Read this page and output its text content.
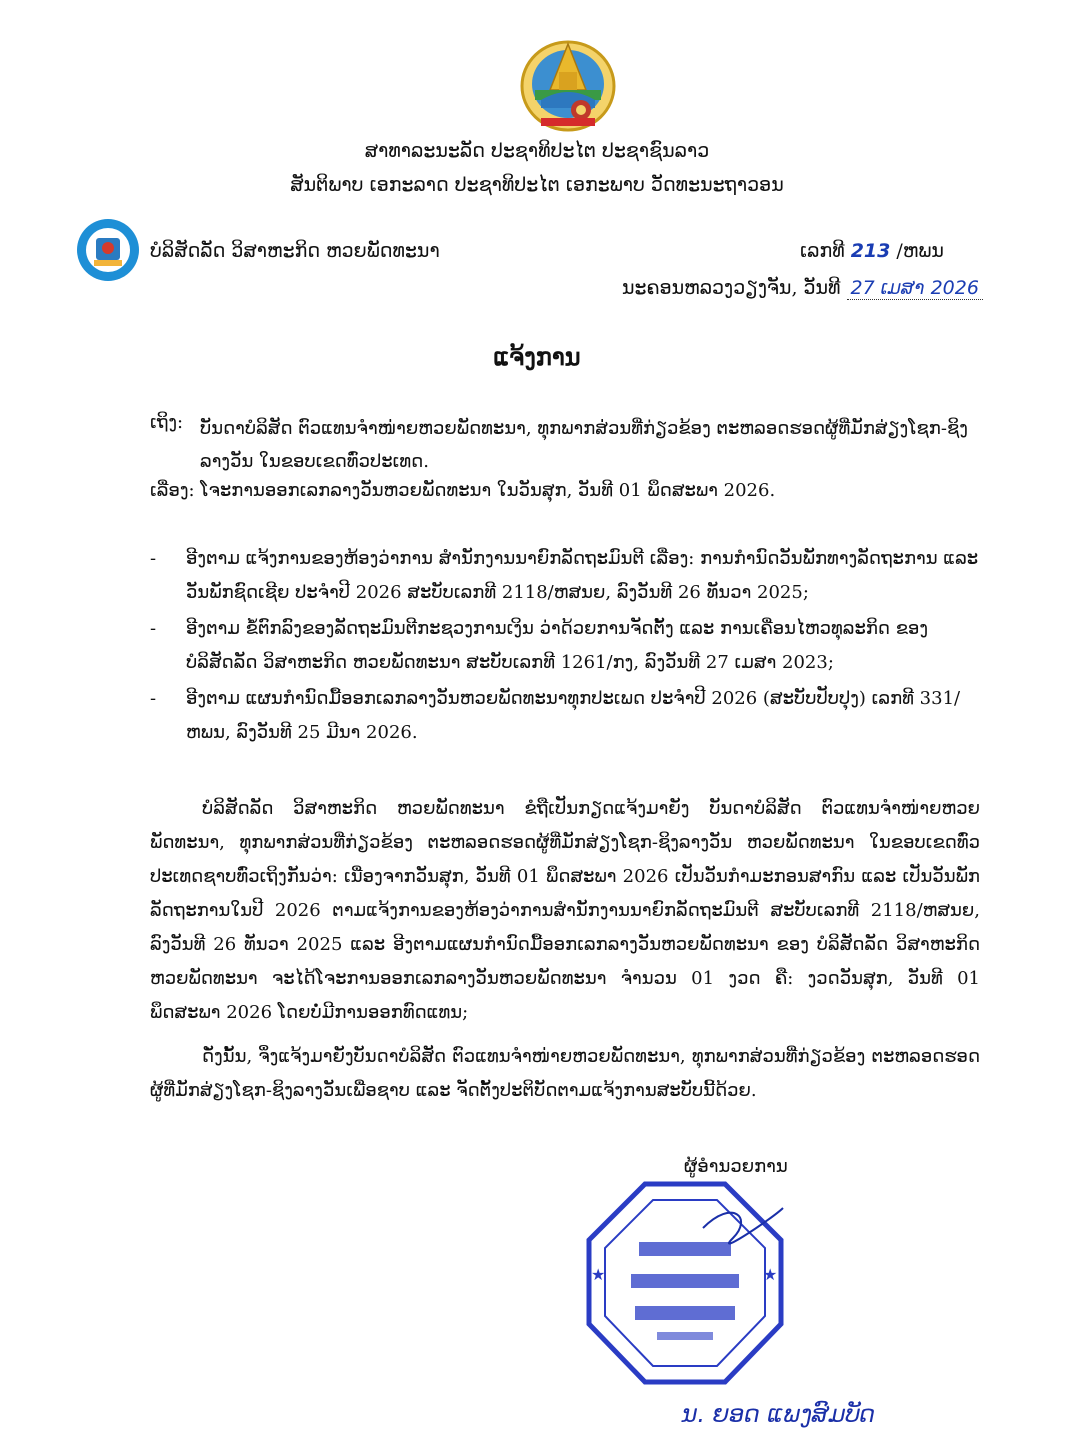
ສາທາລະນະລັດ ປະຊາທິປະໄຕ ປະຊາຊົນລາວ
ສັນຕິພາບ ເອກະລາດ ປະຊາທິປະໄຕ ເອກະພາບ ວັດທະນະຖາວອນ
ບໍລິສັດລັດ ວິສາຫະກິດ ຫວຍພັດທະນາ	ເລກທີ 213 /ຫພນ
ນະຄອນຫລວງວຽງຈັນ, ວັນທີ 27 ເມສາ 2026
ແຈ້ງການ
ເຖິງ: ບັນດາບໍລິສັດ ຕົວແທນຈໍາໜ່າຍຫວຍພັດທະນາ, ທຸກພາກສ່ວນທີ່ກ່ຽວຂ້ອງ ຕະຫລອດຮອດຜູ້ທີ່ມັກສ່ຽງໂຊກ-ຊິງລາງວັນ ໃນຂອບເຂດທົ່ວປະເທດ.
ເລື່ອງ: ໂຈະການອອກເລກລາງວັນຫວຍພັດທະນາ ໃນວັນສຸກ, ວັນທີ 01 ພຶດສະພາ 2026.
- ອີງຕາມ ແຈ້ງການຂອງຫ້ອງວ່າການ ສໍານັກງານນາຍົກລັດຖະມົນຕີ ເລື່ອງ: ການກໍານົດວັນພັກທາງລັດຖະການ ແລະ ວັນພັກຊົດເຊີຍ ປະຈໍາປີ 2026 ສະບັບເລກທີ 2118/ຫສນຍ, ລົງວັນທີ 26 ທັນວາ 2025;
- ອີງຕາມ ຂໍ້ຕົກລົງຂອງລັດຖະມົນຕີກະຊວງການເງິນ ວ່າດ້ວຍການຈັດຕັ້ງ ແລະ ການເຄື່ອນໄຫວທຸລະກິດ ຂອງ ບໍລິສັດລັດ ວິສາຫະກິດ ຫວຍພັດທະນາ ສະບັບເລກທີ 1261/ກງ, ລົງວັນທີ 27 ເມສາ 2023;
- ອີງຕາມ ແຜນກໍານົດມື້ອອກເລກລາງວັນຫວຍພັດທະນາທຸກປະເພດ ປະຈໍາປີ 2026 (ສະບັບປັບປຸງ) ເລກທີ 331/ຫພນ, ລົງວັນທີ 25 ມີນາ 2026.
ບໍລິສັດລັດ ວິສາຫະກິດ ຫວຍພັດທະນາ ຂໍຖືເປັນກຽດແຈ້ງມາຍັງ ບັນດາບໍລິສັດ ຕົວແທນຈໍາໜ່າຍຫວຍພັດທະນາ, ທຸກພາກສ່ວນທີ່ກ່ຽວຂ້ອງ ຕະຫລອດຮອດຜູ້ທີ່ມັກສ່ຽງໂຊກ-ຊິງລາງວັນ ຫວຍພັດທະນາ ໃນຂອບເຂດທົ່ວປະເທດຊາບທົ່ວເຖິງກັນວ່າ: ເນື່ອງຈາກວັນສຸກ, ວັນທີ 01 ພຶດສະພາ 2026 ເປັນວັນກໍາມະກອນສາກົນ ແລະ ເປັນວັນພັກລັດຖະການໃນປີ 2026 ຕາມແຈ້ງການຂອງຫ້ອງວ່າການສໍານັກງານນາຍົກລັດຖະມົນຕີ ສະບັບເລກທີ 2118/ຫສນຍ, ລົງວັນທີ 26 ທັນວາ 2025 ແລະ ອີງຕາມແຜນກໍານົດມື້ອອກເລກລາງວັນຫວຍພັດທະນາ ຂອງ ບໍລິສັດລັດ ວິສາຫະກິດ ຫວຍພັດທະນາ ຈະໄດ້ໂຈະການອອກເລກລາງວັນຫວຍພັດທະນາ ຈໍານວນ 01 ງວດ ຄື: ງວດວັນສຸກ, ວັນທີ 01 ພຶດສະພາ 2026 ໂດຍບໍ່ມີການອອກທົດແທນ;
ດັ່ງນັ້ນ, ຈຶ່ງແຈ້ງມາຍັງບັນດາບໍລິສັດ ຕົວແທນຈໍາໜ່າຍຫວຍພັດທະນາ, ທຸກພາກສ່ວນທີ່ກ່ຽວຂ້ອງ ຕະຫລອດຮອດຜູ້ທີ່ມັກສ່ຽງໂຊກ-ຊິງລາງວັນເພື່ອຊາບ ແລະ ຈັດຕັ້ງປະຕິບັດຕາມແຈ້ງການສະບັບນີ້ດ້ວຍ.
ຜູ້ອໍານວຍການ
★	★
ນ. ຍອດ ແພງສົມບັດ
